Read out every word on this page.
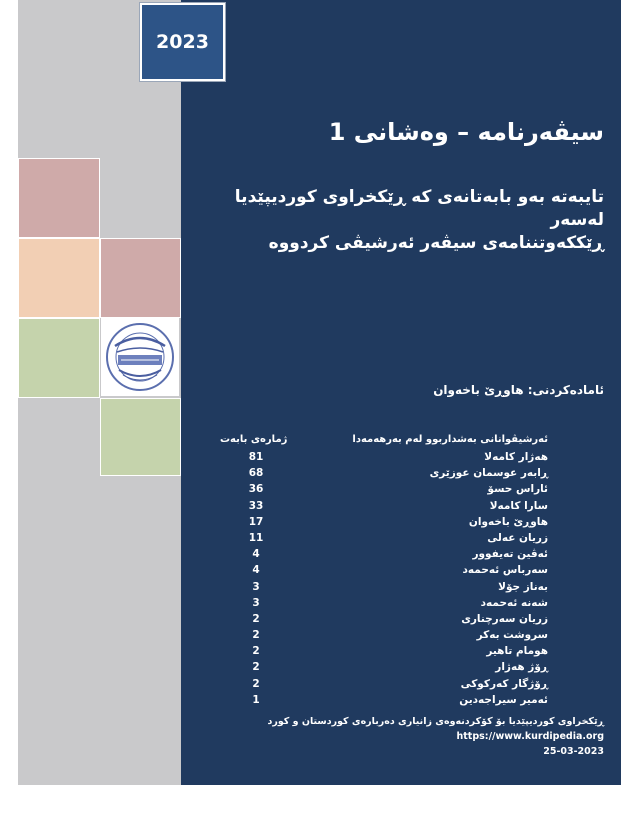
2023
سیڤەرنامە – وەشانی 1
تایبەتە بەو بابەتانەی کە ڕێکخراوی کوردیپێدیا لەسەر
ڕێککەوتننامەی سیڤەر ئەرشیڤی کردووە
ئامادەکردنی: هاوڕێ باخەوان
ئەرشیڤوانانی بەشداربوو لەم بەرهەمەدا
ژمارەی بابەت
هەژار کامەلا
81
ڕابەر عوسمان عوزێری
68
ئاراس حسۆ
36
سارا کامەلا
33
هاوڕێ باخەوان
17
زریان عەلی
11
ئەڤین تەیفوور
4
سەرباس ئەحمەد
4
بەناز جۆلا
3
شەنە ئەحمەد
3
زریان سەرچناری
2
سروشت بەکر
2
هومام تاهیر
2
ڕۆژ هەژار
2
ڕۆژگار کەرکوکی
2
ئەمیر سیراجەدین
1
ڕێکخراوی کوردیپێدیا بۆ کۆکردنەوەی زانیاری دەربارەی کوردستان و کورد
https://www.kurdipedia.org
25-03-2023
